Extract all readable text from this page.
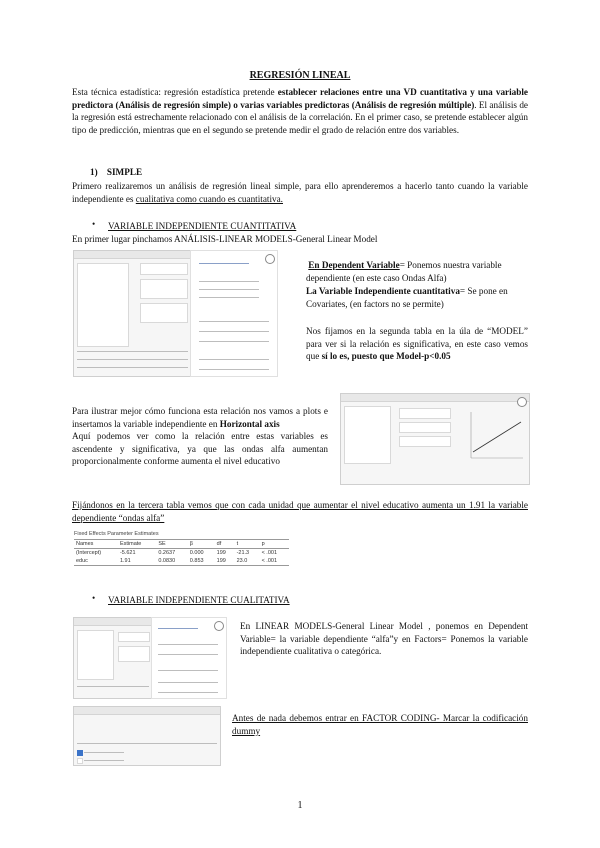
REGRESIÓN LINEAL
Esta técnica estadística: regresión estadística pretende establecer relaciones entre una VD cuantitativa y una variable predictora (Análisis de regresión simple) o varias variables predictoras (Análisis de regresión múltiple). El análisis de la regresión está estrechamente relacionado con el análisis de la correlación. En el primer caso, se pretende establecer algún tipo de predicción, mientras que en el segundo se pretende medir el grado de relación entre dos variables.
1) SIMPLE
Primero realizaremos un análisis de regresión lineal simple, para ello aprenderemos a hacerlo tanto cuando la variable independiente es cualitativa como cuando es cuantitativa.
• VARIABLE INDEPENDIENTE CUANTITATIVA
En primer lugar pinchamos ANÁLISIS-LINEAR MODELS-General Linear Model
En Dependent Variable= Ponemos nuestra variable dependiente (en este caso Ondas Alfa)
La Variable Independiente cuantitativa= Se pone en Covariates, (en factors no se permite)
Nos fijamos en la segunda tabla en la úla de “MODEL” para ver si la relación es significativa, en este caso vemos que sí lo es, puesto que Model-p<0.05
Para ilustrar mejor cómo funciona esta relación nos vamos a plots e insertamos la variable independiente en Horizontal axis
Aquí podemos ver como la relación entre estas variables es ascendente y significativa, ya que las ondas alfa aumentan proporcionalmente conforme aumenta el nivel educativo
Fijándonos en la tercera tabla vemos que con cada unidad que aumentar el nivel educativo aumenta un 1.91 la variable dependiente “ondas alfa”
Fixed Effects Parameter Estimates
Names	Estimate	SE	β	df	t	p
(Intercept)	-5.621	0.2637	0.000	199	-21.3	< .001
educ	1.91	0.0830	0.853	199	23.0	< .001
• VARIABLE INDEPENDIENTE CUALITATIVA
En LINEAR MODELS-General Linear Model , ponemos en Dependent Variable= la variable dependiente “alfa”y en Factors= Ponemos la variable independiente cualitativa o categórica.
Antes de nada debemos entrar en FACTOR CODING- Marcar la codificación dummy
1
